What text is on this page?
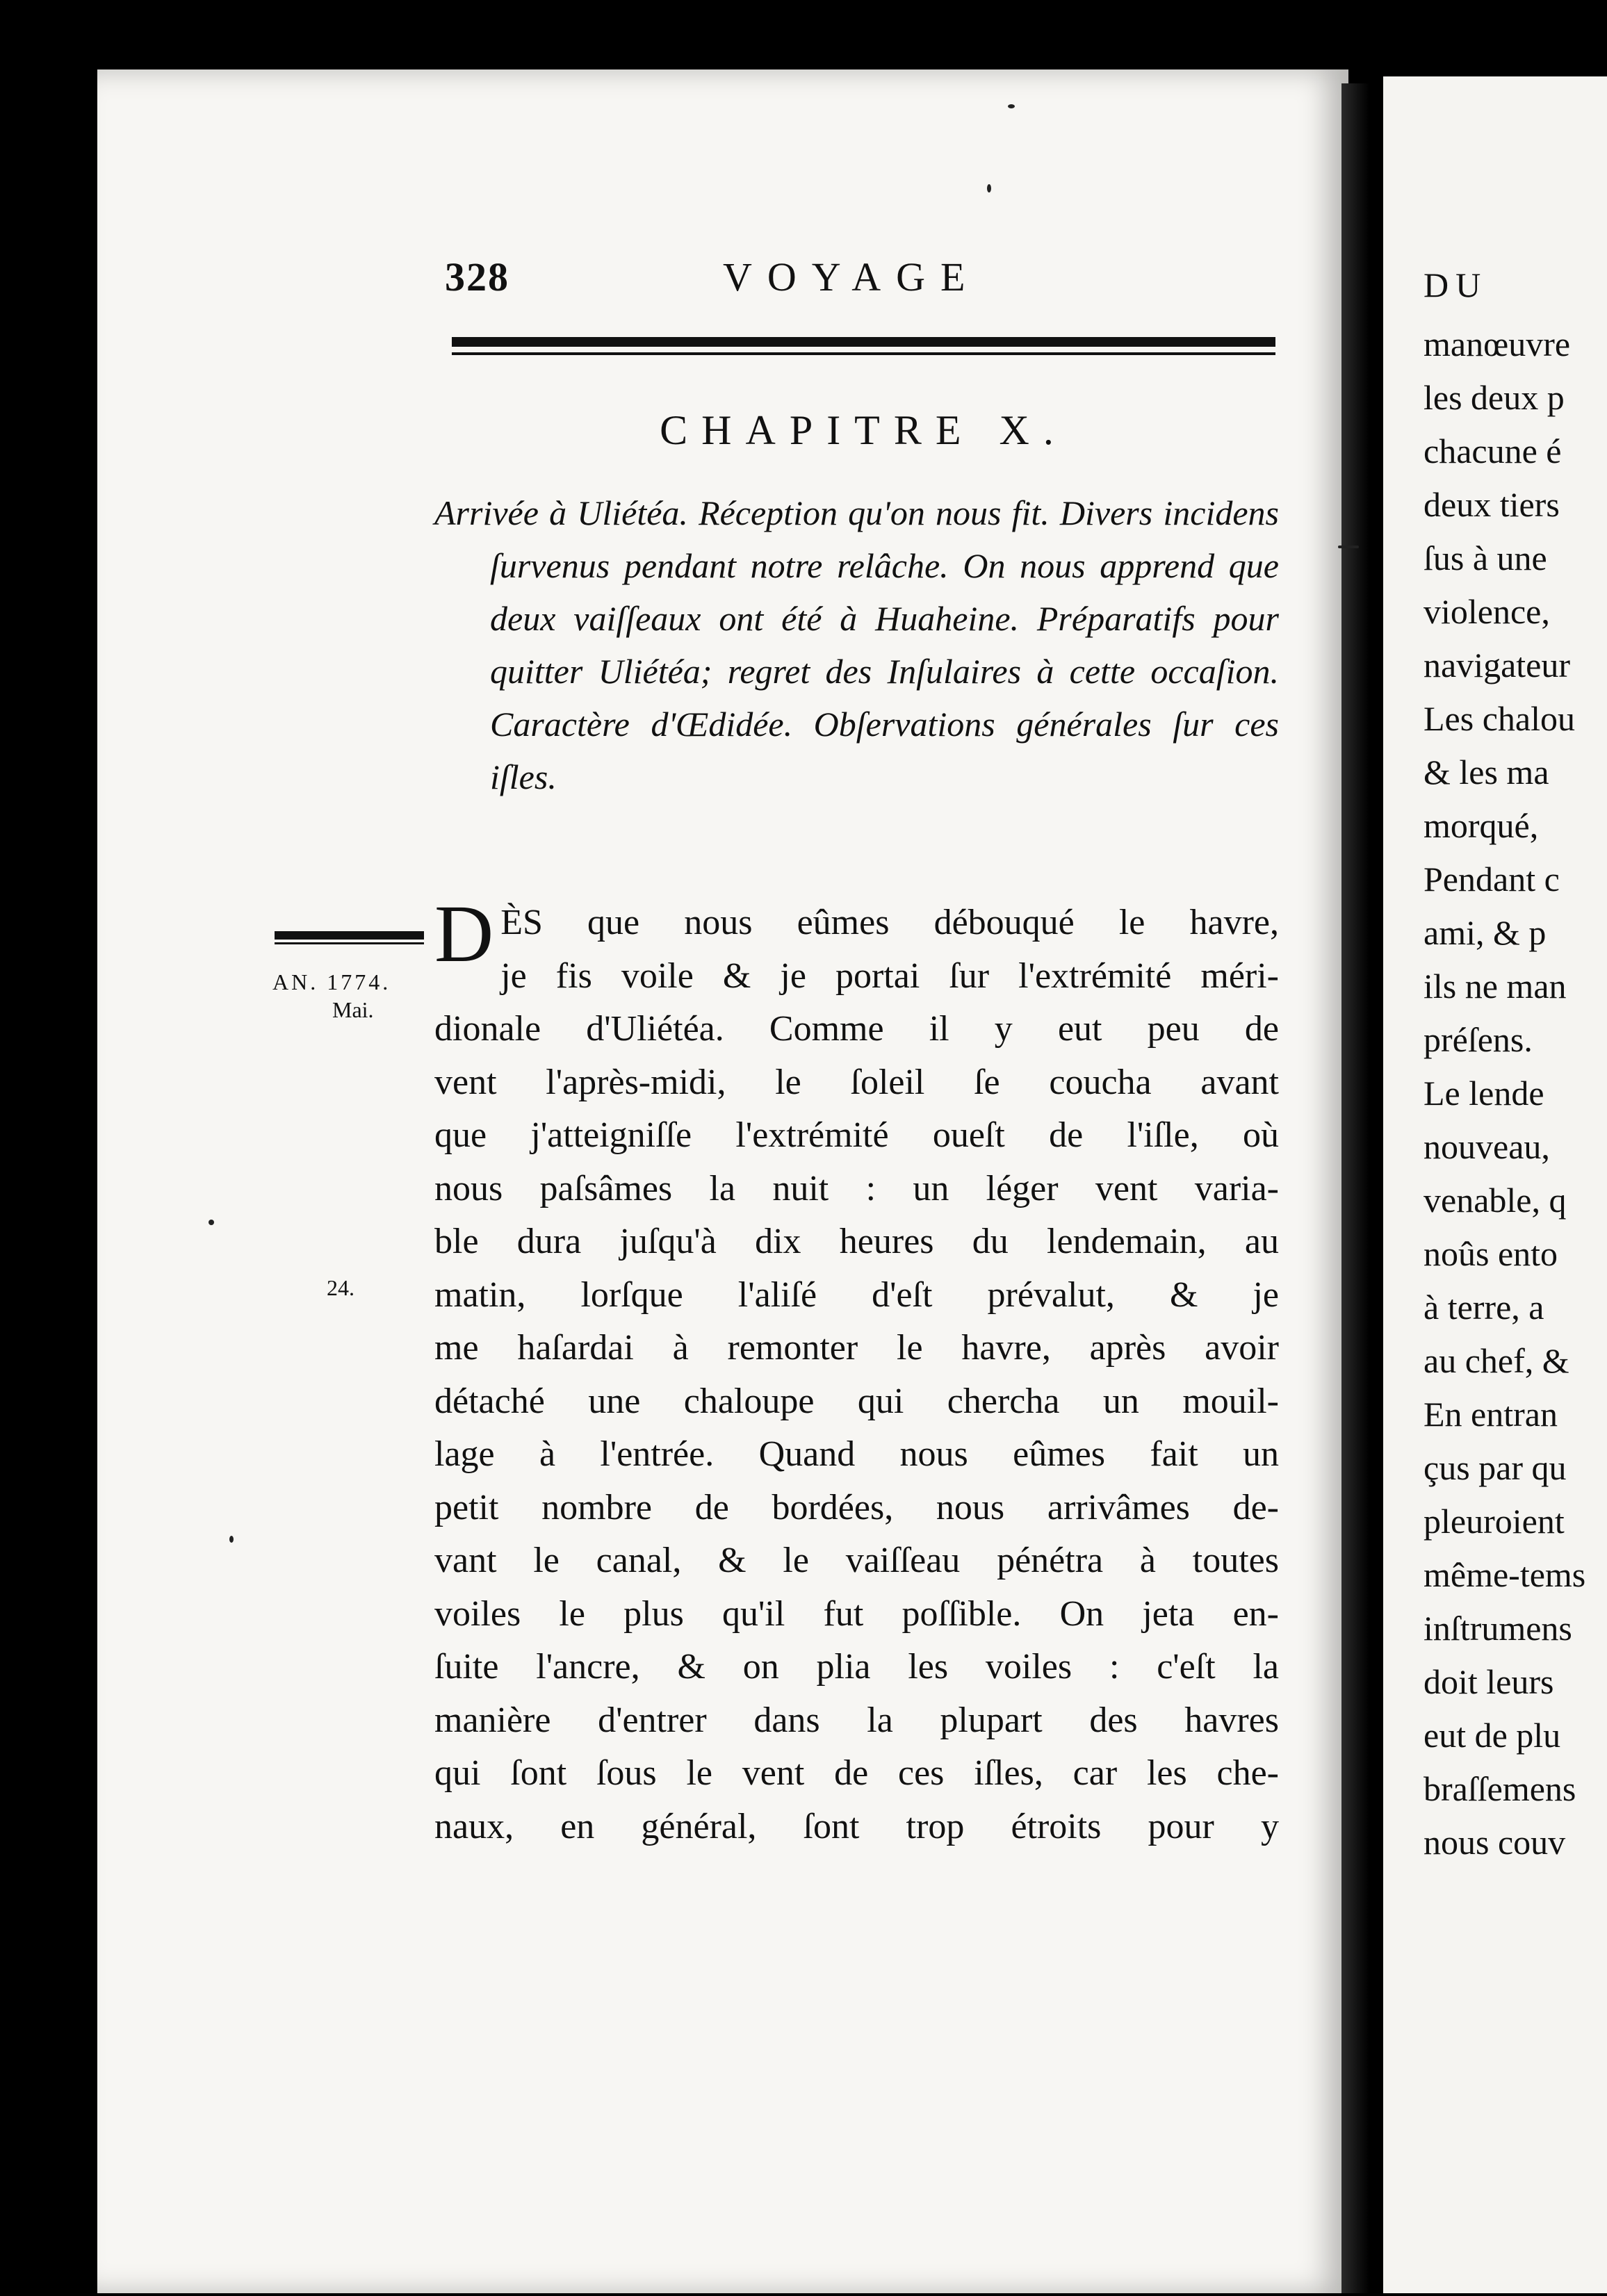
328	VOYAGE
CHAPITRE X.
Arrivée à Uliétéa. Réception qu'on nous fit. Divers incidens ſurvenus pendant notre relâche. On nous apprend que deux vaiſſeaux ont été à Huaheine. Préparatifs pour quitter Uliétéa; regret des Inſulaires à cette occaſion. Caractère d'Œdidée. Obſervations générales ſur ces iſles.
AN. 1774.
Mai.
24.
D ÈS que nous eûmes débouqué le havre,
je fis voile & je portai ſur l'extrémité méri-
dionale d'Uliétéa. Comme il y eut peu de
vent l'après-midi, le ſoleil ſe coucha avant
que j'atteigniſſe l'extrémité oueſt de l'iſle, où
nous paſsâmes la nuit : un léger vent varia-
ble dura juſqu'à dix heures du lendemain, au
matin, lorſque l'aliſé d'eſt prévalut, & je
me haſardai à remonter le havre, après avoir
détaché une chaloupe qui chercha un mouil-
lage à l'entrée. Quand nous eûmes fait un
petit nombre de bordées, nous arrivâmes de-
vant le canal, & le vaiſſeau pénétra à toutes
voiles le plus qu'il fut poſſible. On jeta en-
ſuite l'ancre, & on plia les voiles : c'eſt la
manière d'entrer dans la plupart des havres
qui ſont ſous le vent de ces iſles, car les che-
naux, en général, ſont trop étroits pour y
DU
manœuvre
les deux p
chacune é
deux tiers
ſus à une
violence,
navigateur
Les chalou
& les ma
morqué,
Pendant c
ami, & p
ils ne man
préſens.
Le lende
nouveau,
venable, q
noûs ento
à terre, a
au chef, &
En entran
çus par qu
pleuroient
même-tems
inſtrumens
doit leurs
eut de plu
braſſemens
nous couv
